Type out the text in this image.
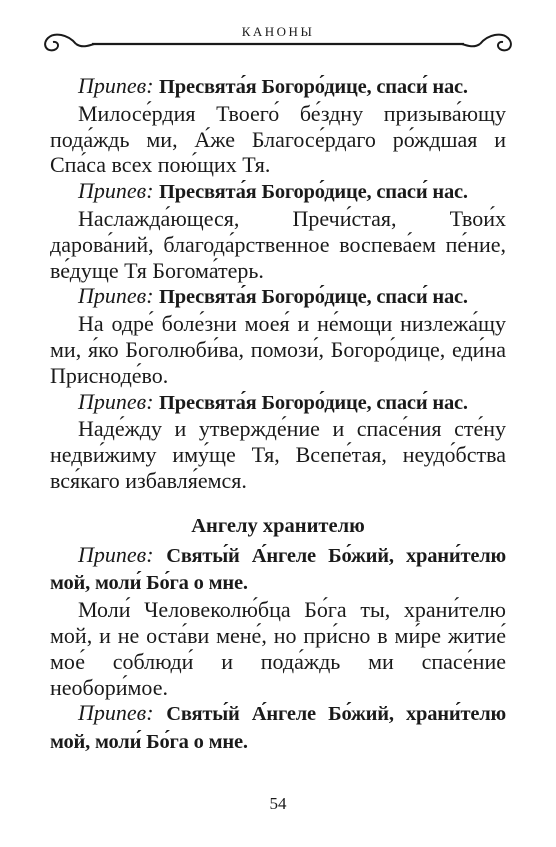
КАНОНЫ

Припев: Пресвята́я Богоро́дице, спаси́ нас.

Милосе́рдия Твоего́ бе́здну призыва́ющу пода́ждь ми, А́же Благосе́рдаго ро́ждшая и Спа́са всех пою́щих Тя.

Припев: Пресвята́я Богоро́дице, спаси́ нас.

Наслажда́ющеся, Пречи́стая, Твои́х дарова́ний, благода́рственное воспева́ем пе́ние, ве́дуще Тя Богома́терь.

Припев: Пресвята́я Богоро́дице, спаси́ нас.

На одре́ боле́зни моея́ и не́мощи низлежа́щу ми, я́ко Боголюби́ва, помози́, Богоро́дице, еди́на Присноде́во.

Припев: Пресвята́я Богоро́дице, спаси́ нас.

Наде́жду и утвержде́ние и спасе́ния сте́ну недви́жиму иму́ще Тя, Всепе́тая, неудо́бства вся́каго избавля́емся.

Ангелу хранителю

Припев: Святы́й А́нгеле Бо́жий, храни́телю мой, моли́ Бо́га о мне.

Моли́ Человеколю́бца Бо́га ты, храни́телю мой, и не оста́ви мене́, но при́сно в ми́ре житие́ мое́ соблюди́ и пода́ждь ми спасе́ние необори́мое.

Припев: Святы́й А́нгеле Бо́жий, храни́телю мой, моли́ Бо́га о мне.

54
